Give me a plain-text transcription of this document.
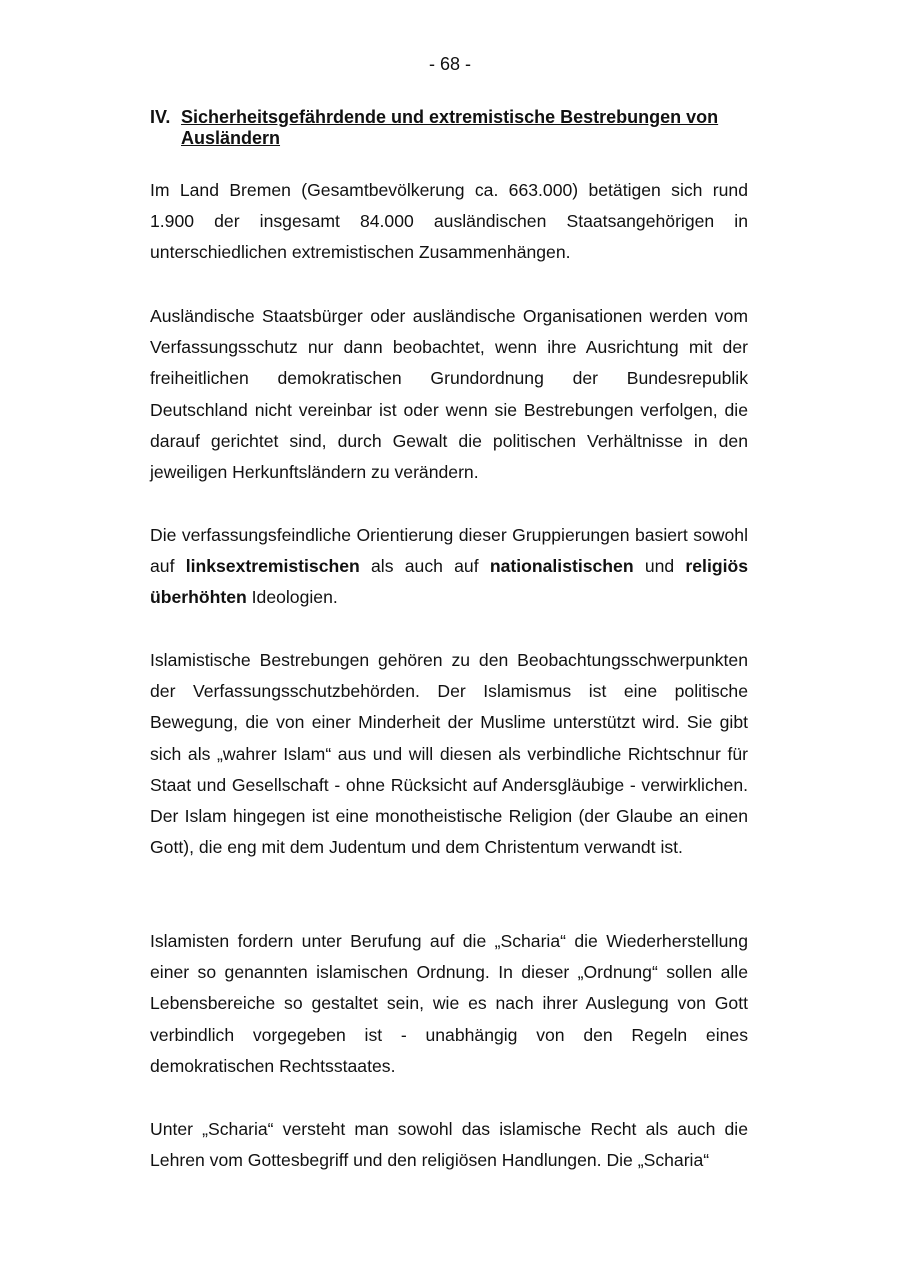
- 68 -
IV. Sicherheitsgefährdende und extremistische Bestrebungen von Ausländern

Im Land Bremen (Gesamtbevölkerung ca. 663.000) betätigen sich rund 1.900 der insgesamt 84.000 ausländischen Staatsangehörigen in unterschiedlichen extremistischen Zusammenhängen.

Ausländische Staatsbürger oder ausländische Organisationen werden vom Verfassungsschutz nur dann beobachtet, wenn ihre Ausrichtung mit der freiheitlichen demokratischen Grundordnung der Bundesrepublik Deutschland nicht vereinbar ist oder wenn sie Bestrebungen verfolgen, die darauf gerichtet sind, durch Gewalt die politischen Verhältnisse in den jeweiligen Herkunftsländern zu verändern.

Die verfassungsfeindliche Orientierung dieser Gruppierungen basiert sowohl auf linksextremistischen als auch auf nationalistischen und religiös überhöhten Ideologien.

Islamistische Bestrebungen gehören zu den Beobachtungsschwerpunkten der Verfassungsschutzbehörden. Der Islamismus ist eine politische Bewegung, die von einer Minderheit der Muslime unterstützt wird. Sie gibt sich als „wahrer Islam“ aus und will diesen als verbindliche Richtschnur für Staat und Gesellschaft - ohne Rücksicht auf Andersgläubige - verwirklichen. Der Islam hingegen ist eine monotheistische Religion (der Glaube an einen Gott), die eng mit dem Judentum und dem Christentum verwandt ist.

Islamisten fordern unter Berufung auf die „Scharia“ die Wiederherstellung einer so genannten islamischen Ordnung. In dieser „Ordnung“ sollen alle Lebensbereiche so gestaltet sein, wie es nach ihrer Auslegung von Gott verbindlich vorgegeben ist - unabhängig von den Regeln eines demokratischen Rechtsstaates.

Unter „Scharia“ versteht man sowohl das islamische Recht als auch die Lehren vom Gottesbegriff und den religiösen Handlungen. Die „Scharia“
